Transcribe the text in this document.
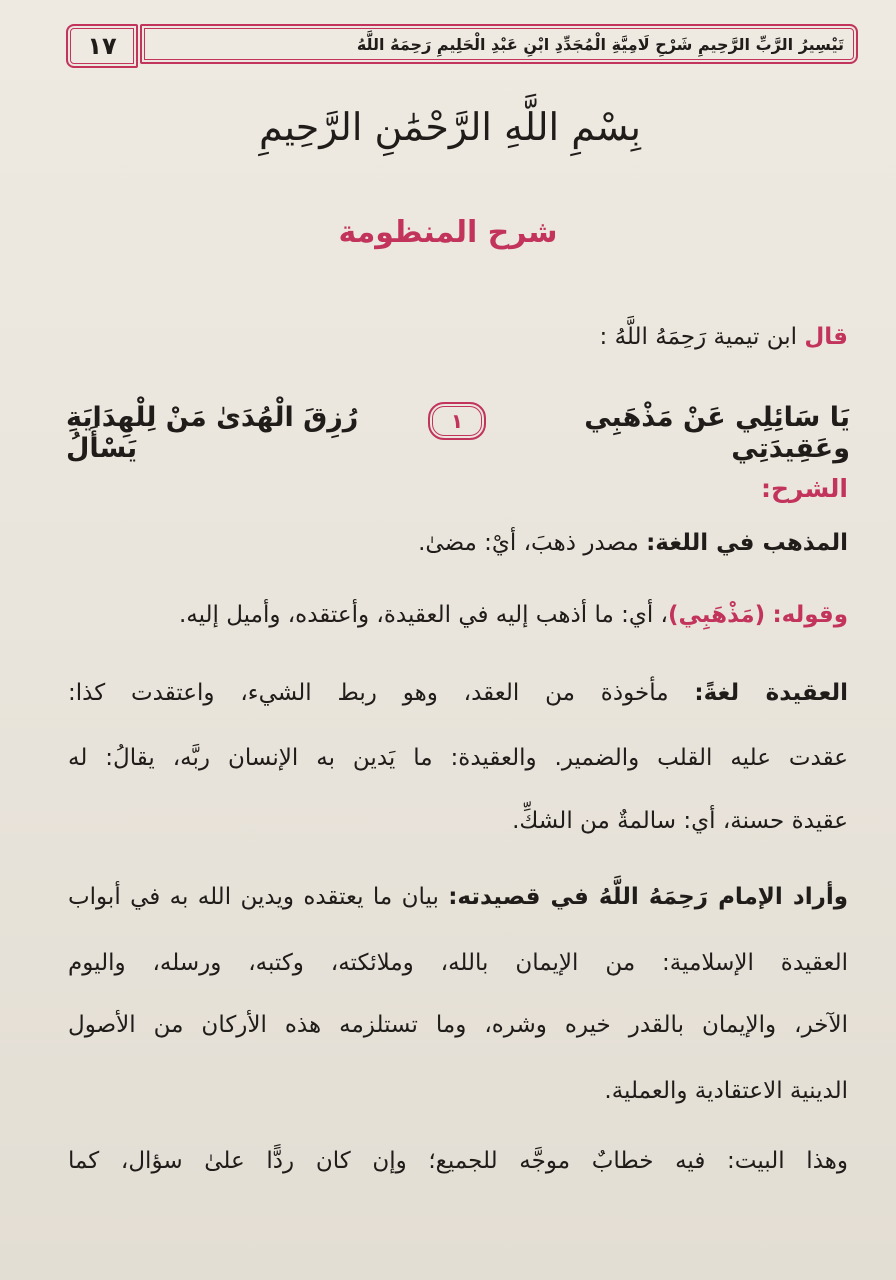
١٧	تَيْسِيرُ الرَّبِّ الرَّحِيمِ شَرْحِ لَامِيَّةِ الْمُجَدِّدِ ابْنِ عَبْدِ الْحَلِيمِ رَحِمَهُ اللَّهُ
بِسْمِ اللَّهِ الرَّحْمَٰنِ الرَّحِيمِ
شرح المنظومة
قال ابن تيمية رَحِمَهُ اللَّهُ :
يَا سَائِلِي عَنْ مَذْهَبِي وعَقِيدَتِي
١
رُزِقَ الْهُدَىٰ مَنْ لِلْهِدَايَةِ يَسْأَلُ
الشرح:
المذهب في اللغة: مصدر ذهبَ، أيْ: مضىٰ.
وقوله: (مَذْهَبِي)، أي: ما أذهب إليه في العقيدة، وأعتقده، وأميل إليه.
العقيدة لغةً: مأخوذة من العقد، وهو ربط الشيء، واعتقدت كذا:
عقدت عليه القلب والضمير. والعقيدة: ما يَدين به الإنسان ربَّه، يقالُ: له
عقيدة حسنة، أي: سالمةٌ من الشكِّ.
وأراد الإمام رَحِمَهُ اللَّهُ في قصيدته: بيان ما يعتقده ويدين الله به في أبواب
العقيدة الإسلامية: من الإيمان بالله، وملائكته، وكتبه، ورسله، واليوم
الآخر، والإيمان بالقدر خيره وشره، وما تستلزمه هذه الأركان من الأصول
الدينية الاعتقادية والعملية.
وهذا البيت: فيه خطابٌ موجَّه للجميع؛ وإن كان ردًّا علىٰ سؤال، كما
